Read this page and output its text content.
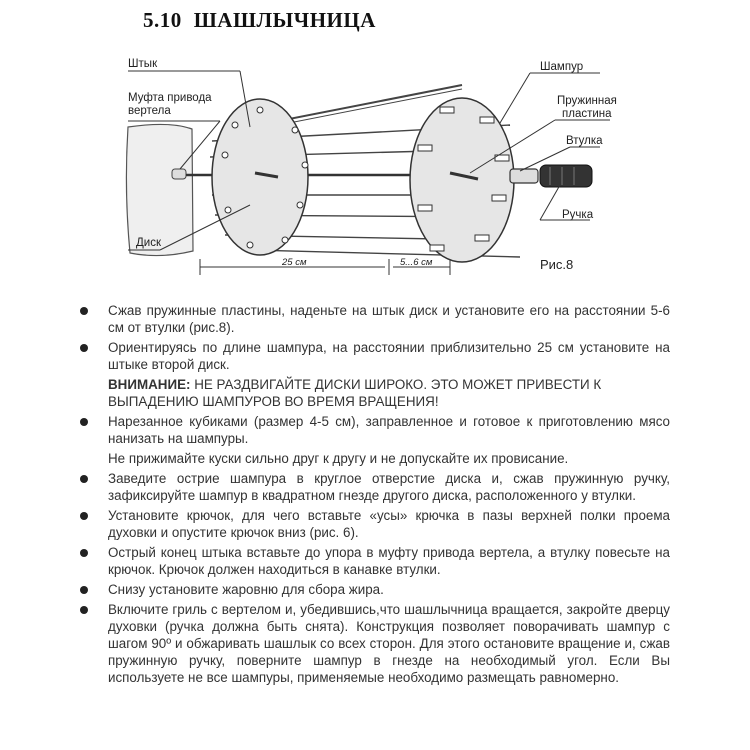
5.10 ШАШЛЫЧНИЦА
Штык
Муфта привода
вертела
Диск
Шампур
Пружинная
пластина
Втулка
Ручка
25 см	5...6 см	Рис.8
Сжав пружинные пластины, наденьте на штык диск и установите его на расстоянии 5-6 см от втулки (рис.8).
Ориентируясь по длине шампура, на расстоянии приблизительно 25 см установите на штыке второй диск.
ВНИМАНИЕ: НЕ РАЗДВИГАЙТЕ ДИСКИ ШИРОКО. ЭТО МОЖЕТ ПРИВЕСТИ К ВЫПАДЕНИЮ ШАМПУРОВ ВО ВРЕМЯ ВРАЩЕНИЯ!
Нарезанное кубиками (размер 4-5 см), заправленное и готовое к приготовлению мясо нанизать на шампуры.
Не прижимайте куски сильно друг к другу и не допускайте их провисание.
Заведите острие шампура в круглое отверстие диска и, сжав пружинную ручку, зафиксируйте шампур в квадратном гнезде другого диска, расположенного у втулки.
Установите крючок, для чего вставьте «усы» крючка в пазы верхней полки проема духовки и опустите крючок вниз (рис. 6).
Острый конец штыка вставьте до упора в муфту привода вертела, а втулку повесьте на крючок. Крючок должен находиться в канавке втулки.
Снизу установите жаровню для сбора жира.
Включите гриль с вертелом и, убедившись,что шашлычница вращается, закройте дверцу духовки (ручка должна быть снята). Конструкция позволяет поворачивать шампур с шагом 90º и обжаривать шашлык со всех сторон. Для этого остановите вращение и, сжав пружинную ручку, поверните шампур в гнезде на необходимый угол. Если Вы используете не все шампуры, применяемые необходимо размещать равномерно.
